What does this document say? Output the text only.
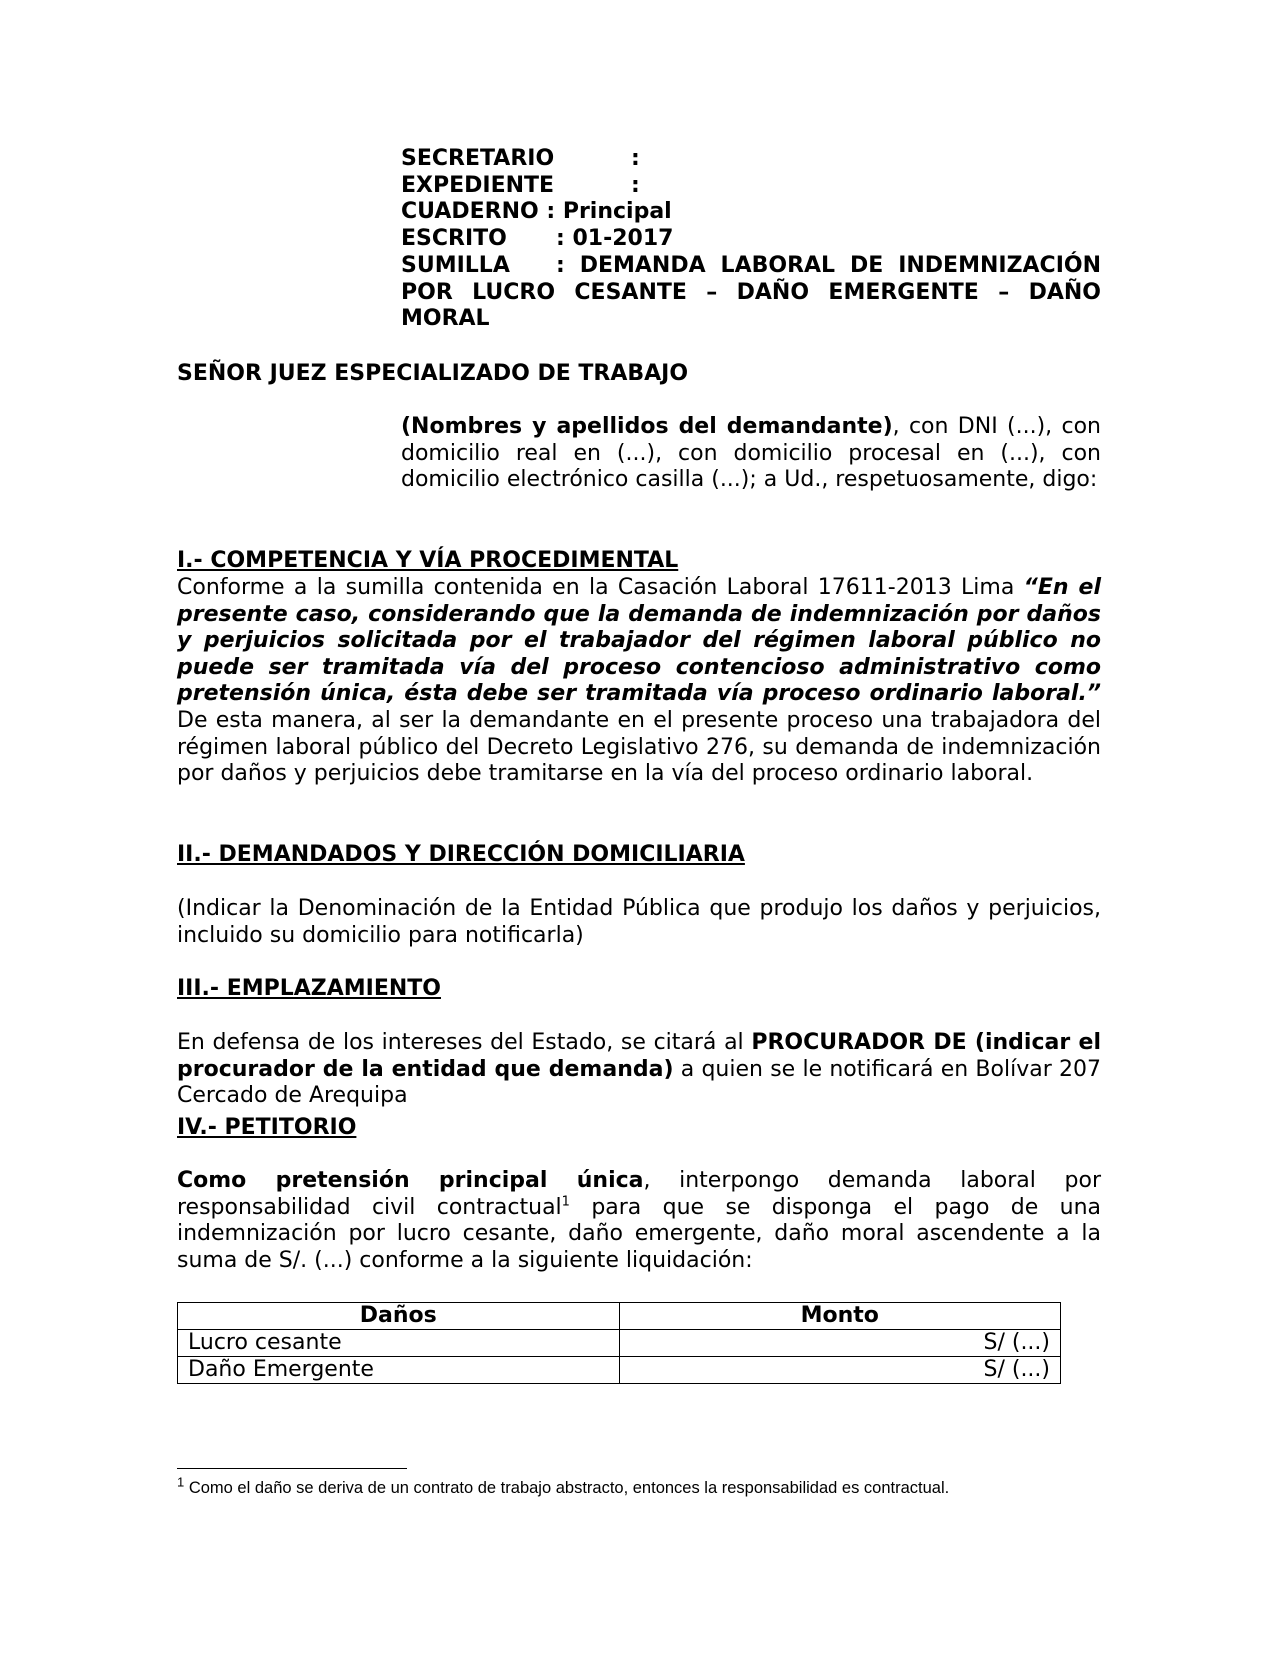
SECRETARIO	:
EXPEDIENTE	:
CUADERNO : Principal
ESCRITO	: 01-2017
SUMILLA : DEMANDA LABORAL DE INDEMNIZACIÓN POR LUCRO CESANTE – DAÑO EMERGENTE – DAÑO MORAL
SEÑOR JUEZ ESPECIALIZADO DE TRABAJO
(Nombres y apellidos del demandante), con DNI (...), con domicilio real en (...), con domicilio procesal en (...), con domicilio electrónico casilla (...); a Ud., respetuosamente, digo:
I.- COMPETENCIA Y VÍA PROCEDIMENTAL
Conforme a la sumilla contenida en la Casación Laboral 17611-2013 Lima “En el presente caso, considerando que la demanda de indemnización por daños y perjuicios solicitada por el trabajador del régimen laboral público no puede ser tramitada vía del proceso contencioso administrativo como pretensión única, ésta debe ser tramitada vía proceso ordinario laboral.” De esta manera, al ser la demandante en el presente proceso una trabajadora del régimen laboral público del Decreto Legislativo 276, su demanda de indemnización por daños y perjuicios debe tramitarse en la vía del proceso ordinario laboral.
II.- DEMANDADOS Y DIRECCIÓN DOMICILIARIA
(Indicar la Denominación de la Entidad Pública que produjo los daños y perjuicios, incluido su domicilio para notificarla)
III.- EMPLAZAMIENTO
En defensa de los intereses del Estado, se citará al PROCURADOR DE (indicar el procurador de la entidad que demanda) a quien se le notificará en Bolívar 207 Cercado de Arequipa
IV.- PETITORIO
Como pretensión principal única, interpongo demanda laboral por responsabilidad civil contractual$^1$ para que se disponga el pago de una indemnización por lucro cesante, daño emergente, daño moral ascendente a la suma de S/. (...) conforme a la siguiente liquidación:
Daños	Monto
Lucro cesante	S/ (...)
Daño Emergente	S/ (...)
$^1$ Como el daño se deriva de un contrato de trabajo abstracto, entonces la responsabilidad es contractual.
